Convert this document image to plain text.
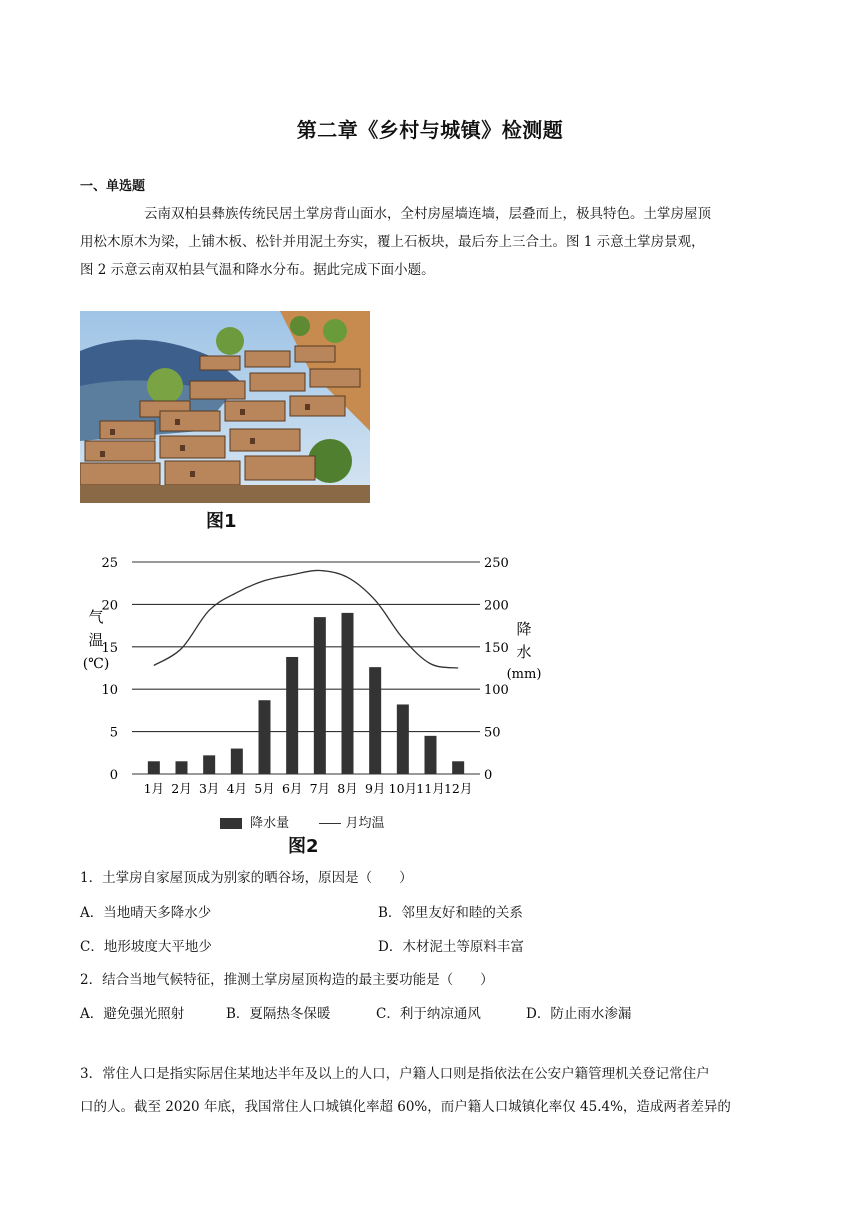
第二章《乡村与城镇》检测题
一、单选题
云南双柏县彝族传统民居土掌房背山面水，全村房屋墙连墙，层叠而上，极具特色。土掌房屋顶
用松木原木为梁，上铺木板、松针并用泥土夯实，覆上石板块，最后夯上三合土。图 1 示意土掌房景观，
图 2 示意云南双柏县气温和降水分布。据此完成下面小题。
图1
25
20
15
10
5
0
250
200
150
100
50
0
1月 2月 3月 4月 5月 6月 7月 8月 9月 10月 11月 12月
气
温
(℃)
降
水
(mm)
降水量	月均温
图2
1．土掌房自家屋顶成为别家的晒谷场，原因是（　　）
A．当地晴天多降水少	B．邻里友好和睦的关系
C．地形坡度大平地少	D．木材泥土等原料丰富
2．结合当地气候特征，推测土掌房屋顶构造的最主要功能是（　　）
A．避免强光照射	B．夏隔热冬保暖	C．利于纳凉通风	D．防止雨水渗漏
3．常住人口是指实际居住某地达半年及以上的人口，户籍人口则是指依法在公安户籍管理机关登记常住户
口的人。截至 2020 年底，我国常住人口城镇化率超 60%，而户籍人口城镇化率仅 45.4%，造成两者差异的
